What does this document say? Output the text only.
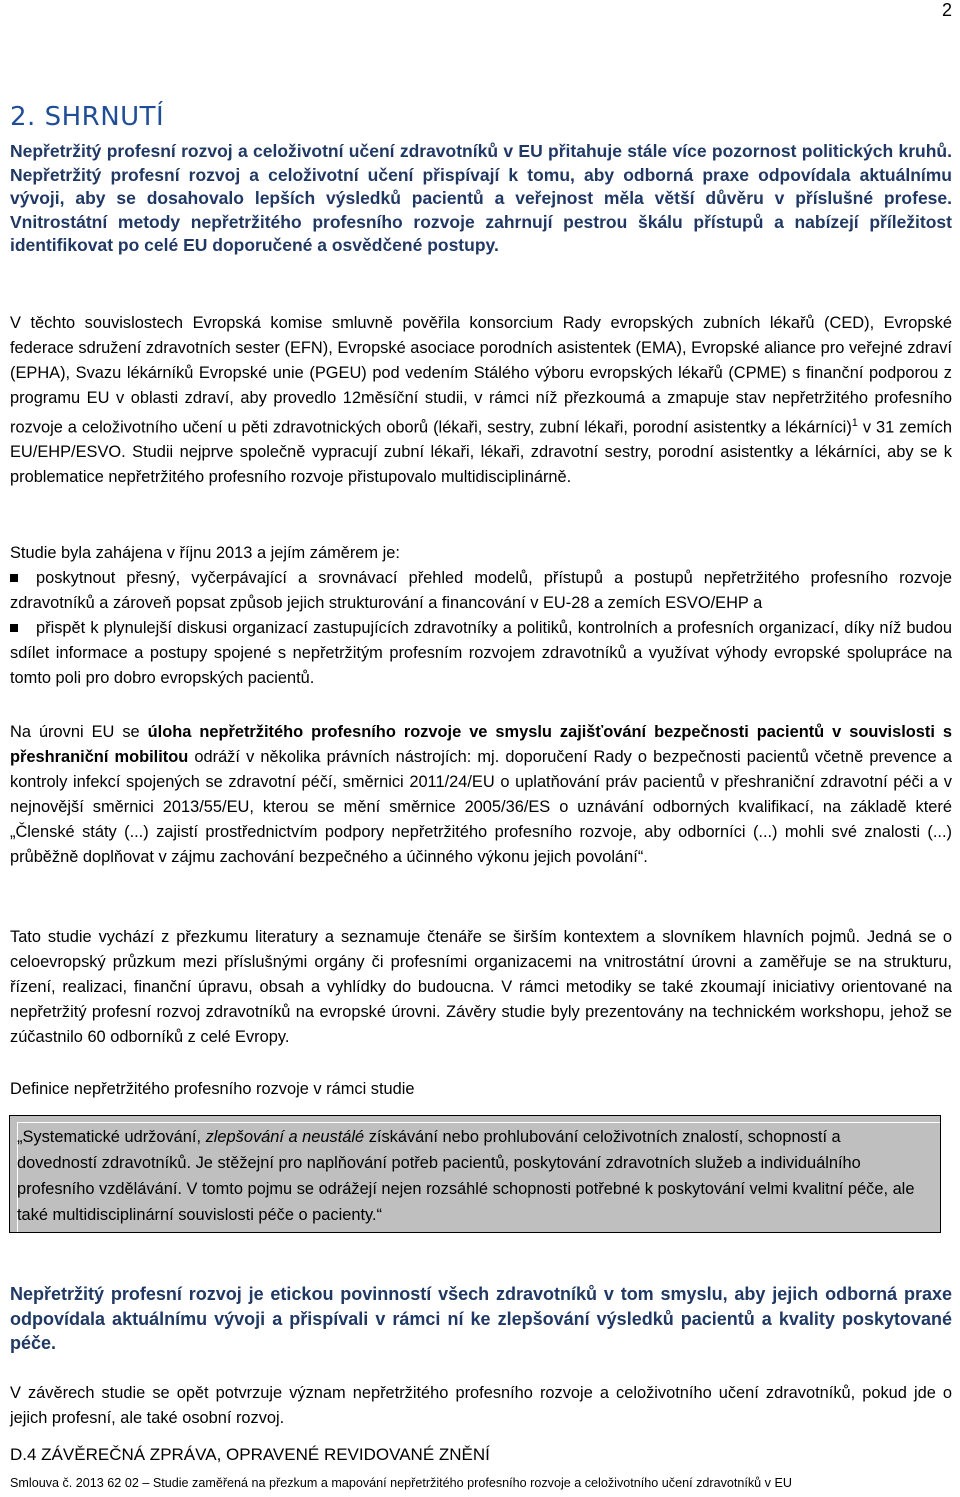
2
2. SHRNUTÍ
Nepřetržitý profesní rozvoj a celoživotní učení zdravotníků v EU přitahuje stále více pozornost politických kruhů. Nepřetržitý profesní rozvoj a celoživotní učení přispívají k tomu, aby odborná praxe odpovídala aktuálnímu vývoji, aby se dosahovalo lepších výsledků pacientů a veřejnost měla větší důvěru v příslušné profese. Vnitrostátní metody nepřetržitého profesního rozvoje zahrnují pestrou škálu přístupů a nabízejí příležitost identifikovat po celé EU doporučené a osvědčené postupy.
V těchto souvislostech Evropská komise smluvně pověřila konsorcium Rady evropských zubních lékařů (CED), Evropské federace sdružení zdravotních sester (EFN), Evropské asociace porodních asistentek (EMA), Evropské aliance pro veřejné zdraví (EPHA), Svazu lékárníků Evropské unie (PGEU) pod vedením Stálého výboru evropských lékařů (CPME) s finanční podporou z programu EU v oblasti zdraví, aby provedlo 12měsíční studii, v rámci níž přezkoumá a zmapuje stav nepřetržitého profesního rozvoje a celoživotního učení u pěti zdravotnických oborů (lékaři, sestry, zubní lékaři, porodní asistentky a lékárníci)$^1$ v 31 zemích EU/EHP/ESVO. Studii nejprve společně vypracují zubní lékaři, lékaři, zdravotní sestry, porodní asistentky a lékárníci, aby se k problematice nepřetržitého profesního rozvoje přistupovalo multidisciplinárně.
Studie byla zahájena v říjnu 2013 a jejím záměrem je:
poskytnout přesný, vyčerpávající a srovnávací přehled modelů, přístupů a postupů nepřetržitého profesního rozvoje zdravotníků a zároveň popsat způsob jejich strukturování a financování v EU-28 a zemích ESVO/EHP a
přispět k plynulejší diskusi organizací zastupujících zdravotníky a politiků, kontrolních a profesních organizací, díky níž budou sdílet informace a postupy spojené s nepřetržitým profesním rozvojem zdravotníků a využívat výhody evropské spolupráce na tomto poli pro dobro evropských pacientů.
Na úrovni EU se úloha nepřetržitého profesního rozvoje ve smyslu zajišťování bezpečnosti pacientů v souvislosti s přeshraniční mobilitou odráží v několika právních nástrojích: mj. doporučení Rady o bezpečnosti pacientů včetně prevence a kontroly infekcí spojených se zdravotní péčí, směrnici 2011/24/EU o uplatňování práv pacientů v přeshraniční zdravotní péči a v nejnovější směrnici 2013/55/EU, kterou se mění směrnice 2005/36/ES o uznávání odborných kvalifikací, na základě které „Členské státy (...) zajistí prostřednictvím podpory nepřetržitého profesního rozvoje, aby odborníci (...) mohli své znalosti (...) průběžně doplňovat v zájmu zachování bezpečného a účinného výkonu jejich povolání“.
Tato studie vychází z přezkumu literatury a seznamuje čtenáře se širším kontextem a slovníkem hlavních pojmů. Jedná se o celoevropský průzkum mezi příslušnými orgány či profesními organizacemi na vnitrostátní úrovni a zaměřuje se na strukturu, řízení, realizaci, finanční úpravu, obsah a vyhlídky do budoucna. V rámci metodiky se také zkoumají iniciativy orientované na nepřetržitý profesní rozvoj zdravotníků na evropské úrovni. Závěry studie byly prezentovány na technickém workshopu, jehož se zúčastnilo 60 odborníků z celé Evropy.
Definice nepřetržitého profesního rozvoje v rámci studie
„Systematické udržování, zlepšování a neustálé získávání nebo prohlubování celoživotních znalostí, schopností a dovedností zdravotníků. Je stěžejní pro naplňování potřeb pacientů, poskytování zdravotních služeb a individuálního profesního vzdělávání. V tomto pojmu se odrážejí nejen rozsáhlé schopnosti potřebné k poskytování velmi kvalitní péče, ale také multidisciplinární souvislosti péče o pacienty.“
Nepřetržitý profesní rozvoj je etickou povinností všech zdravotníků v tom smyslu, aby jejich odborná praxe odpovídala aktuálnímu vývoji a přispívali v rámci ní ke zlepšování výsledků pacientů a kvality poskytované péče.
V závěrech studie se opět potvrzuje význam nepřetržitého profesního rozvoje a celoživotního učení zdravotníků, pokud jde o jejich profesní, ale také osobní rozvoj.
D.4 ZÁVĚREČNÁ ZPRÁVA, OPRAVENÉ REVIDOVANÉ ZNĚNÍ
Smlouva č. 2013 62 02 – Studie zaměřená na přezkum a mapování nepřetržitého profesního rozvoje a celoživotního učení zdravotníků v EU
